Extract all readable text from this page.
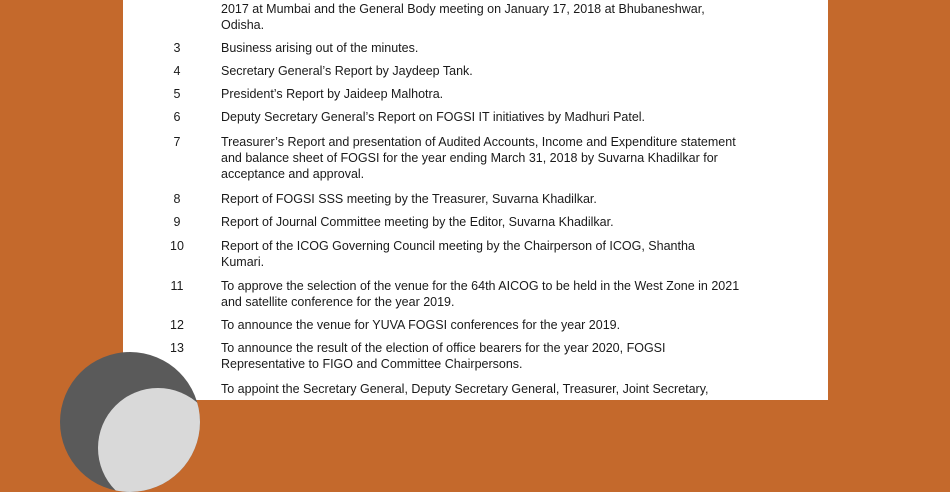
2017 at Mumbai and the General Body meeting on January 17, 2018 at Bhubaneshwar,
Odisha.
3	Business arising out of the minutes.
4	Secretary General’s Report by Jaydeep Tank.
5	President’s Report by Jaideep Malhotra.
6	Deputy Secretary General’s Report on FOGSI IT initiatives by Madhuri Patel.
7	Treasurer’s Report and presentation of Audited Accounts, Income and Expenditure statement
and balance sheet of FOGSI for the year ending March 31, 2018 by Suvarna Khadilkar for
acceptance and approval.
8	Report of FOGSI SSS meeting by the Treasurer, Suvarna Khadilkar.
9	Report of Journal Committee meeting by the Editor, Suvarna Khadilkar.
10	Report of the ICOG Governing Council meeting by the Chairperson of ICOG, Shantha
Kumari.
11	To approve the selection of the venue for the 64th AICOG to be held in the West Zone in 2021
and satellite conference for the year 2019.
12	To announce the venue for YUVA FOGSI conferences for the year 2019.
13	To announce the result of the election of office bearers for the year 2020, FOGSI
Representative to FIGO and Committee Chairpersons.
To appoint the Secretary General, Deputy Secretary General, Treasurer, Joint Secretary,
